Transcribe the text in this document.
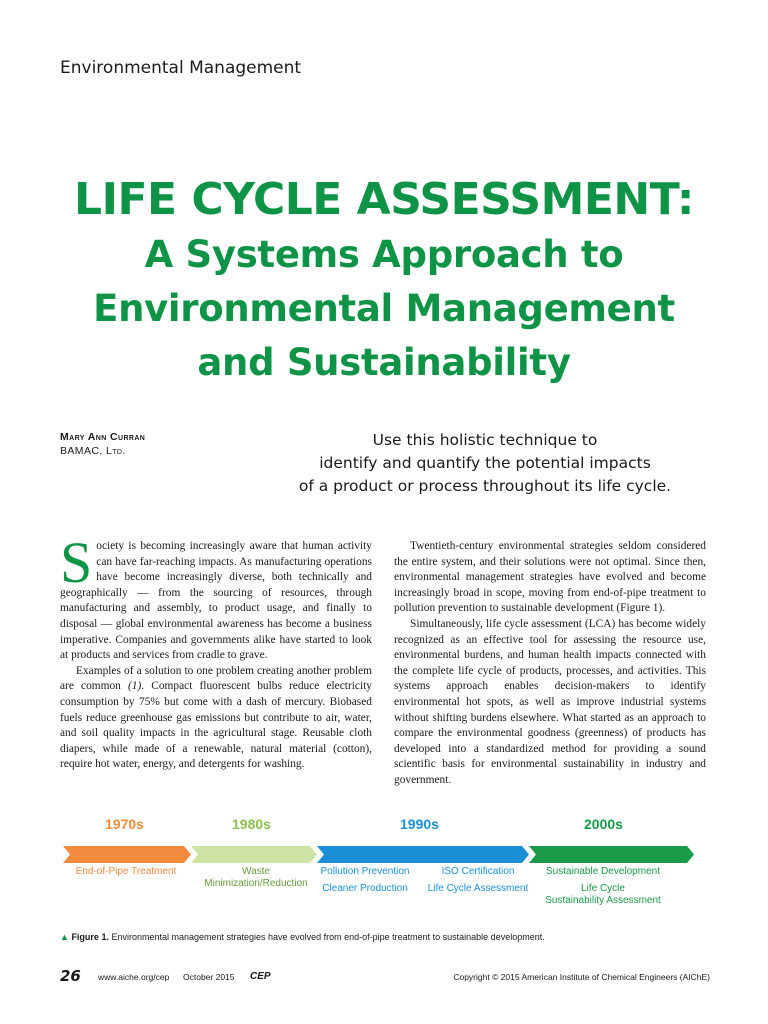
Environmental Management
LIFE CYCLE ASSESSMENT:
A Systems Approach to
Environmental Management
and Sustainability
Mary Ann Curran
BAMAC, Ltd.
Use this holistic technique to
identify and quantify the potential impacts
of a product or process throughout its life cycle.

Society is becoming increasingly aware that human activity can have far-reaching impacts. As manufacturing operations have become increasingly diverse, both technically and geographically — from the sourcing of resources, through manufacturing and assembly, to product usage, and finally to disposal — global environmental awareness has become a business imperative. Companies and governments alike have started to look at products and services from cradle to grave.

Examples of a solution to one problem creating another problem are common (1). Compact fluorescent bulbs reduce electricity consumption by 75% but come with a dash of mercury. Biobased fuels reduce greenhouse gas emissions but contribute to air, water, and soil quality impacts in the agricultural stage. Reusable cloth diapers, while made of a renewable, natural material (cotton), require hot water, energy, and detergents for washing.

Twentieth-century environmental strategies seldom considered the entire system, and their solutions were not optimal. Since then, environmental management strategies have evolved and become increasingly broad in scope, moving from end-of-pipe treatment to pollution prevention to sustainable development (Figure 1).

Simultaneously, life cycle assessment (LCA) has become widely recognized as an effective tool for assessing the resource use, environmental burdens, and human health impacts connected with the complete life cycle of products, processes, and activities. This systems approach enables decision-makers to identify environmental hot spots, as well as improve industrial systems without shifting burdens elsewhere. What started as an approach to compare the environmental goodness (greenness) of products has developed into a standardized method for providing a sound scientific basis for environmental sustainability in industry and government.

1970s	1980s	1990s	2000s
End-of-Pipe Treatment	Waste
Minimization/Reduction
Pollution Prevention
Cleaner Production
ISO Certification
Life Cycle Assessment
Sustainable Development
Life Cycle
Sustainability Assessment
▲ Figure 1. Environmental management strategies have evolved from end-of-pipe treatment to sustainable development.
26 www.aiche.org/cep October 2015 CEP	Copyright © 2015 American Institute of Chemical Engineers (AIChE)
